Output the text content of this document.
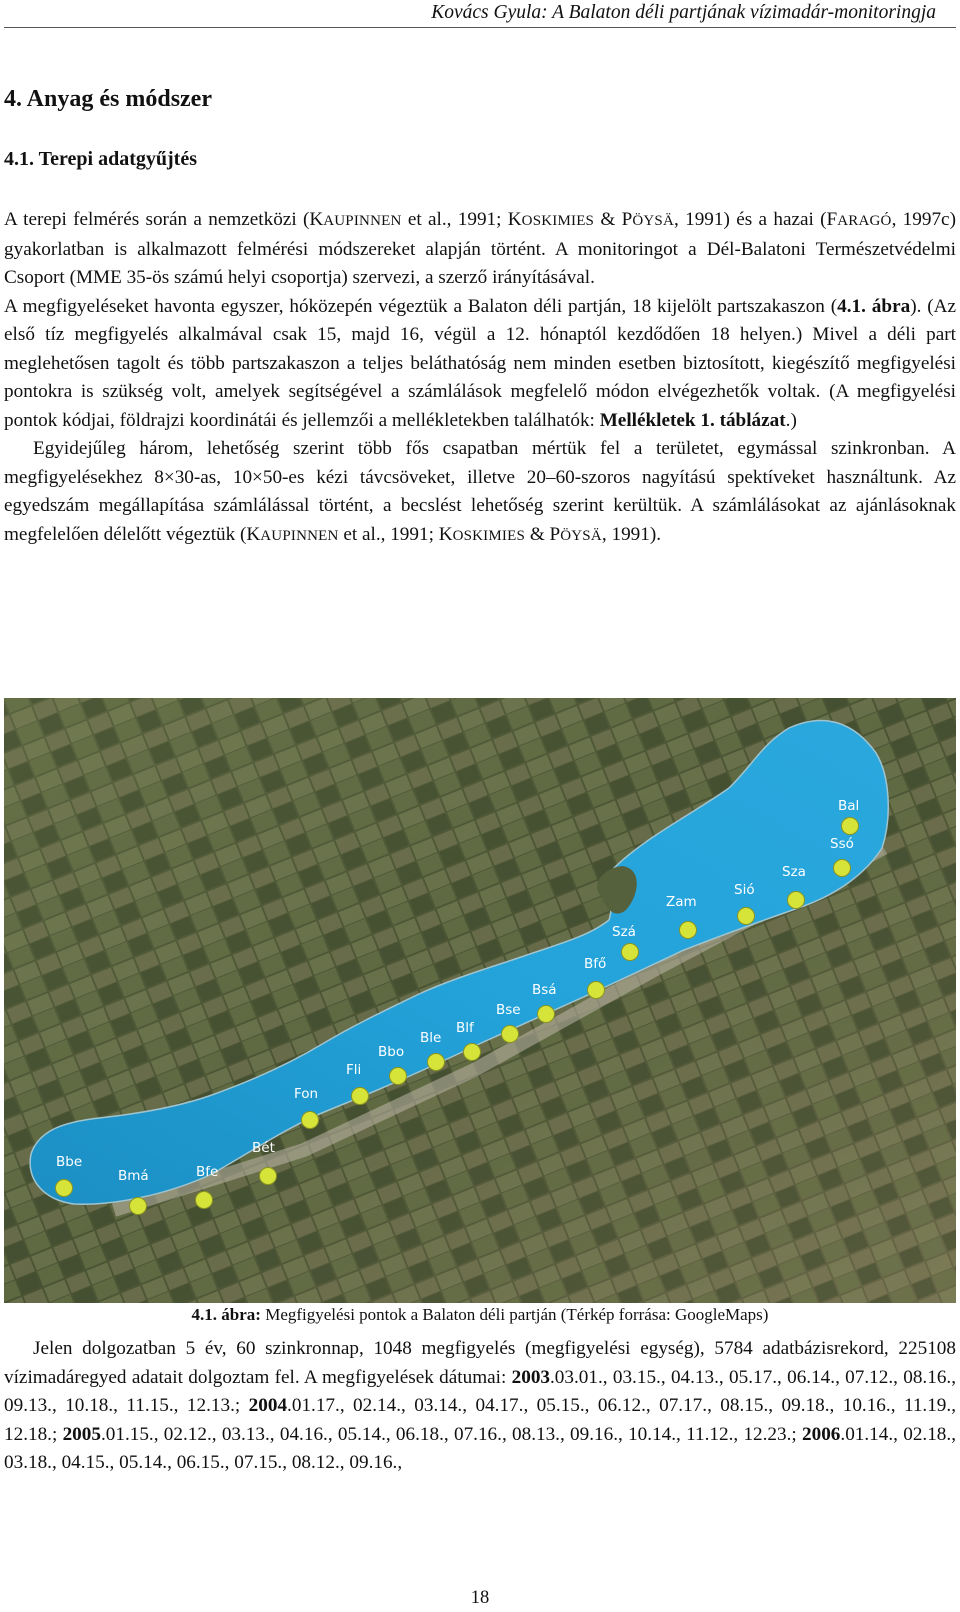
Kovács Gyula: A Balaton déli partjának vízimadár-monitoringja
4. Anyag és módszer
4.1. Terepi adatgyűjtés

A terepi felmérés során a nemzetközi (KAUPINNEN et al., 1991; KOSKIMIES & PÖYSÄ, 1991) és a hazai (FARAGÓ, 1997c) gyakorlatban is alkalmazott felmérési módszereket alapján történt. A monitoringot a Dél-Balatoni Természetvédelmi Csoport (MME 35-ös számú helyi csoportja) szervezi, a szerző irányításával.

A megfigyeléseket havonta egyszer, hóközepén végeztük a Balaton déli partján, 18 kijelölt partszakaszon (4.1. ábra). (Az első tíz megfigyelés alkalmával csak 15, majd 16, végül a 12. hónaptól kezdődően 18 helyen.) Mivel a déli part meglehetősen tagolt és több partszakaszon a teljes beláthatóság nem minden esetben biztosított, kiegészítő megfigyelési pontokra is szükség volt, amelyek segítségével a számlálások megfelelő módon elvégezhetők voltak. (A megfigyelési pontok kódjai, földrajzi koordinátái és jellemzői a mellékletekben találhatók: Mellékletek 1. táblázat.)

Egyidejűleg három, lehetőség szerint több fős csapatban mértük fel a területet, egymással szinkronban. A megfigyelésekhez 8×30-as, 10×50-es kézi távcsöveket, illetve 20–60-szoros nagyítású spektíveket használtunk. Az egyedszám megállapítása számlálással történt, a becslést lehetőség szerint kerültük. A számlálásokat az ajánlásoknak megfelelően délelőtt végeztük (KAUPINNEN et al., 1991; KOSKIMIES & PÖYSÄ, 1991).

Bbe
Bmá	Bfe
Bét
Fon
Fli
Bbo
Ble
Blf
Bse
Bsá
Bfő
Szá
Zam
Sió
Sza
Ssó
Bal
4.1. ábra: Megfigyelési pontok a Balaton déli partján (Térkép forrása: GoogleMaps)

Jelen dolgozatban 5 év, 60 szinkronnap, 1048 megfigyelés (megfigyelési egység), 5784 adatbázisrekord, 225108 vízimadáregyed adatait dolgoztam fel. A megfigyelések dátumai: 2003.03.01., 03.15., 04.13., 05.17., 06.14., 07.12., 08.16., 09.13., 10.18., 11.15., 12.13.; 2004.01.17., 02.14., 03.14., 04.17., 05.15., 06.12., 07.17., 08.15., 09.18., 10.16., 11.19., 12.18.; 2005.01.15., 02.12., 03.13., 04.16., 05.14., 06.18., 07.16., 08.13., 09.16., 10.14., 11.12., 12.23.; 2006.01.14., 02.18., 03.18., 04.15., 05.14., 06.15., 07.15., 08.12., 09.16.,

18
